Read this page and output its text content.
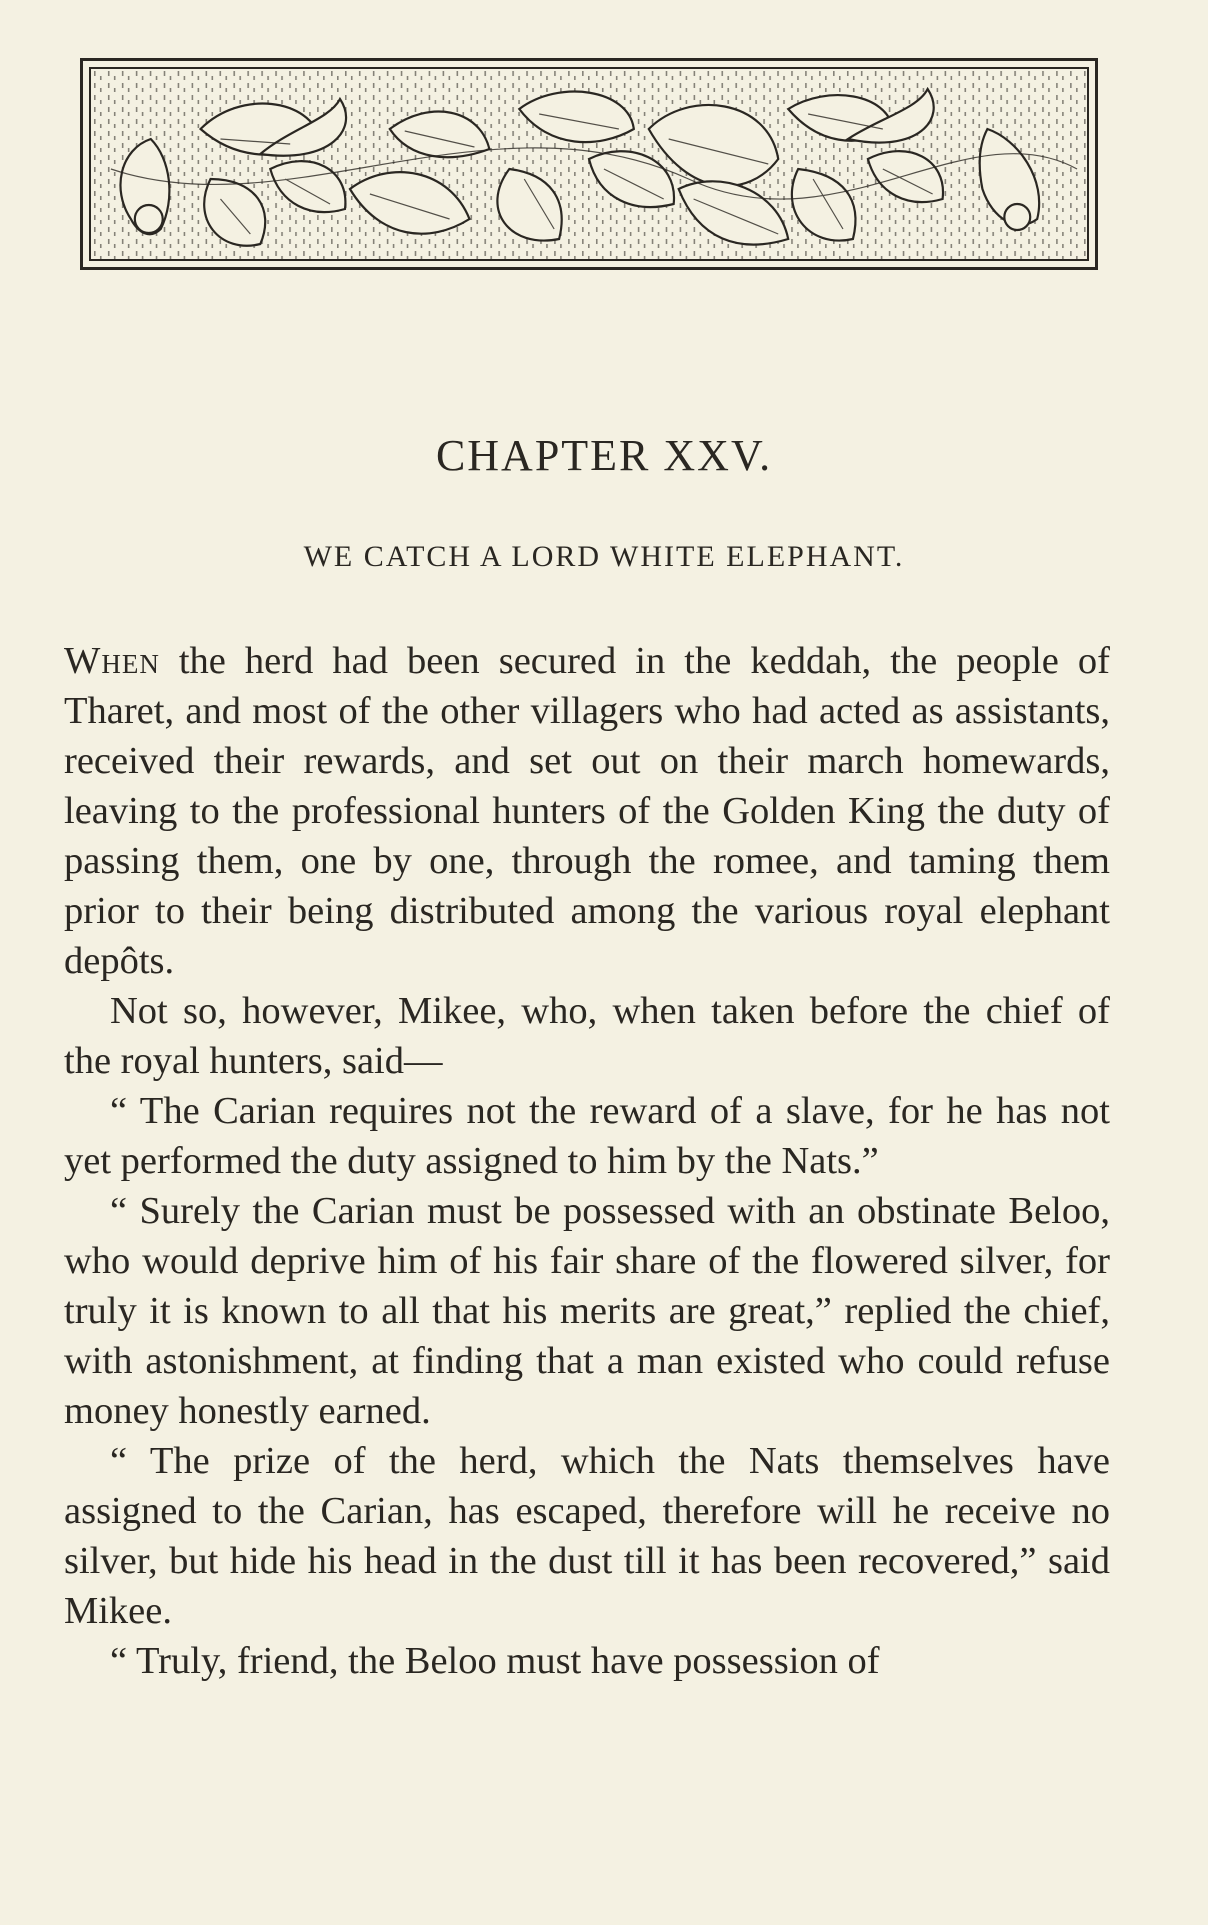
CHAPTER XXV.
WE CATCH A LORD WHITE ELEPHANT.

When the herd had been secured in the keddah, the people of Tharet, and most of the other villagers who had acted as assistants, received their rewards, and set out on their march homewards, leaving to the professional hunters of the Golden King the duty of passing them, one by one, through the romee, and taming them prior to their being distributed among the various royal elephant depôts.

Not so, however, Mikee, who, when taken before the chief of the royal hunters, said—

“ The Carian requires not the reward of a slave, for he has not yet performed the duty assigned to him by the Nats.”

“ Surely the Carian must be possessed with an obstinate Beloo, who would deprive him of his fair share of the flowered silver, for truly it is known to all that his merits are great,” replied the chief, with astonishment, at finding that a man existed who could refuse money honestly earned.

“ The prize of the herd, which the Nats themselves have assigned to the Carian, has escaped, therefore will he receive no silver, but hide his head in the dust till it has been recovered,” said Mikee.

“ Truly, friend, the Beloo must have possession of
